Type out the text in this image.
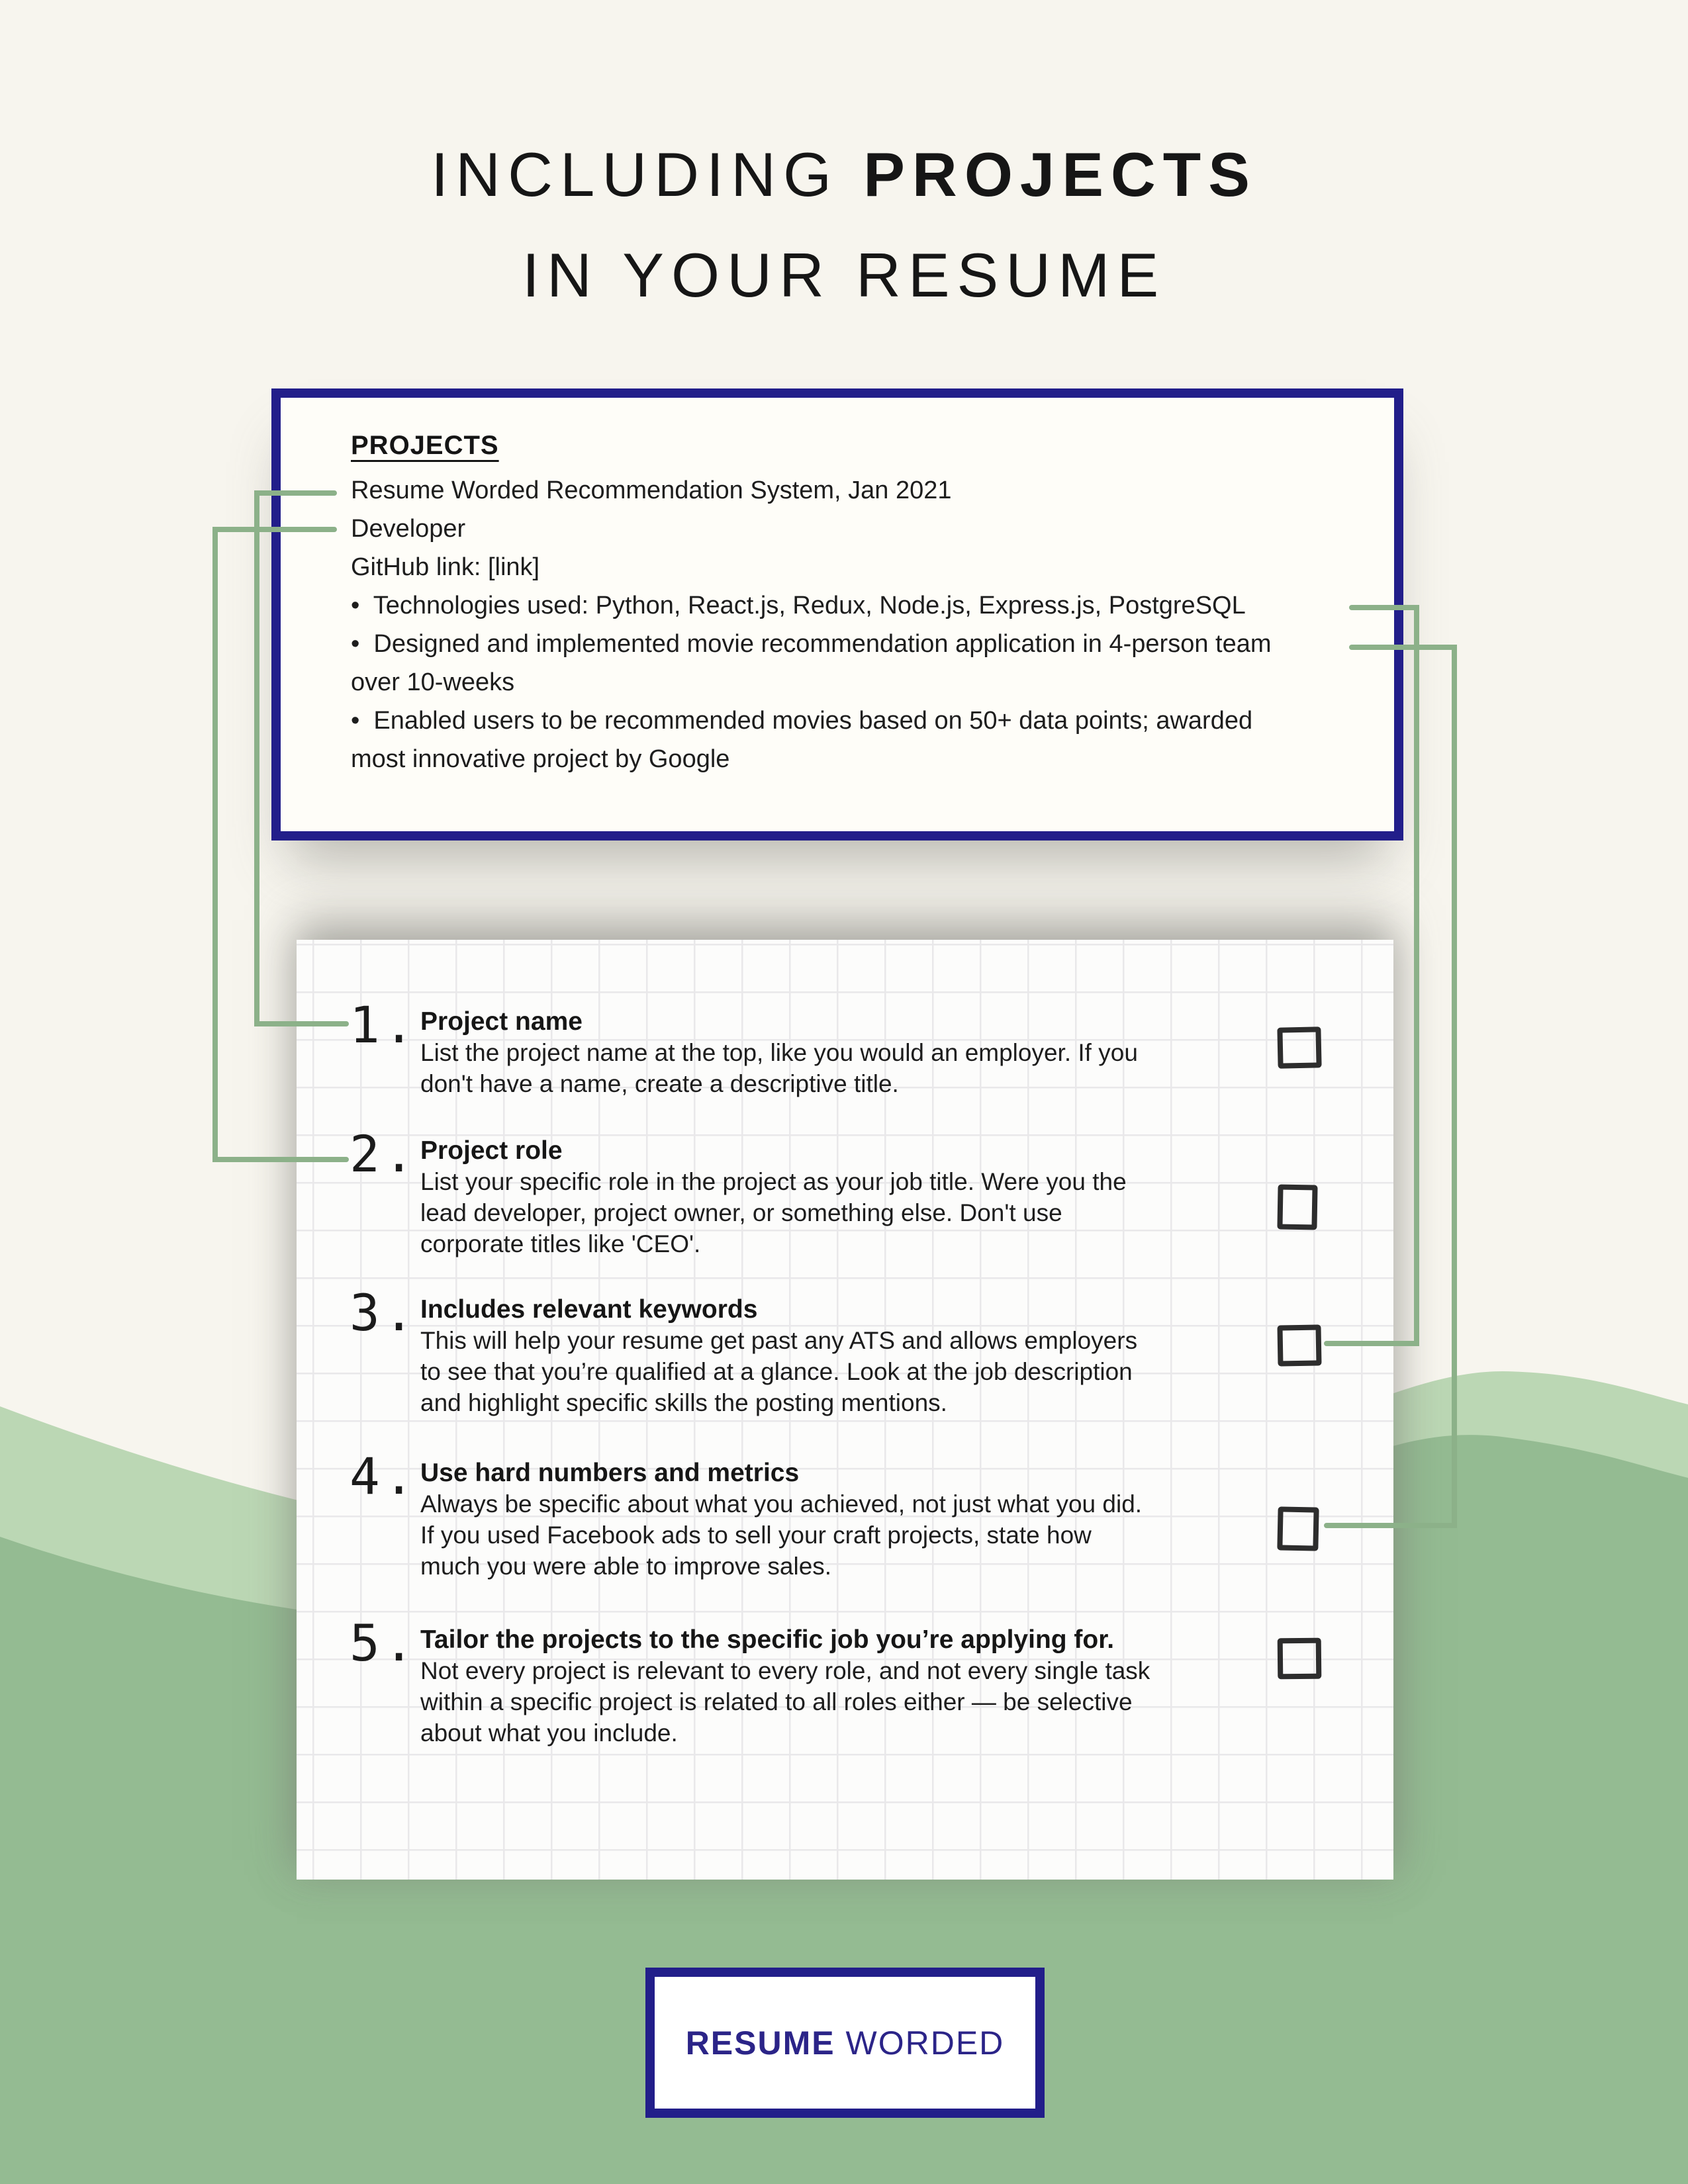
INCLUDING PROJECTS
IN YOUR RESUME
PROJECTS
Resume Worded Recommendation System, Jan 2021
Developer
GitHub link: [link]
•  Technologies used: Python, React.js, Redux, Node.js, Express.js, PostgreSQL
•  Designed and implemented movie recommendation application in 4-person team
over 10-weeks
•  Enabled users to be recommended movies based on 50+ data points; awarded
most innovative project by Google
1. Project name
List the project name at the top, like you would an employer. If you
don't have a name, create a descriptive title.
2. Project role
List your specific role in the project as your job title. Were you the
lead developer, project owner, or something else. Don't use
corporate titles like 'CEO'.
3. Includes relevant keywords
This will help your resume get past any ATS and allows employers
to see that you’re qualified at a glance. Look at the job description
and highlight specific skills the posting mentions.
4. Use hard numbers and metrics
Always be specific about what you achieved, not just what you did.
If you used Facebook ads to sell your craft projects, state how
much you were able to improve sales.
5. Tailor the projects to the specific job you’re applying for.
Not every project is relevant to every role, and not every single task
within a specific project is related to all roles either — be selective
about what you include.
RESUME WORDED
